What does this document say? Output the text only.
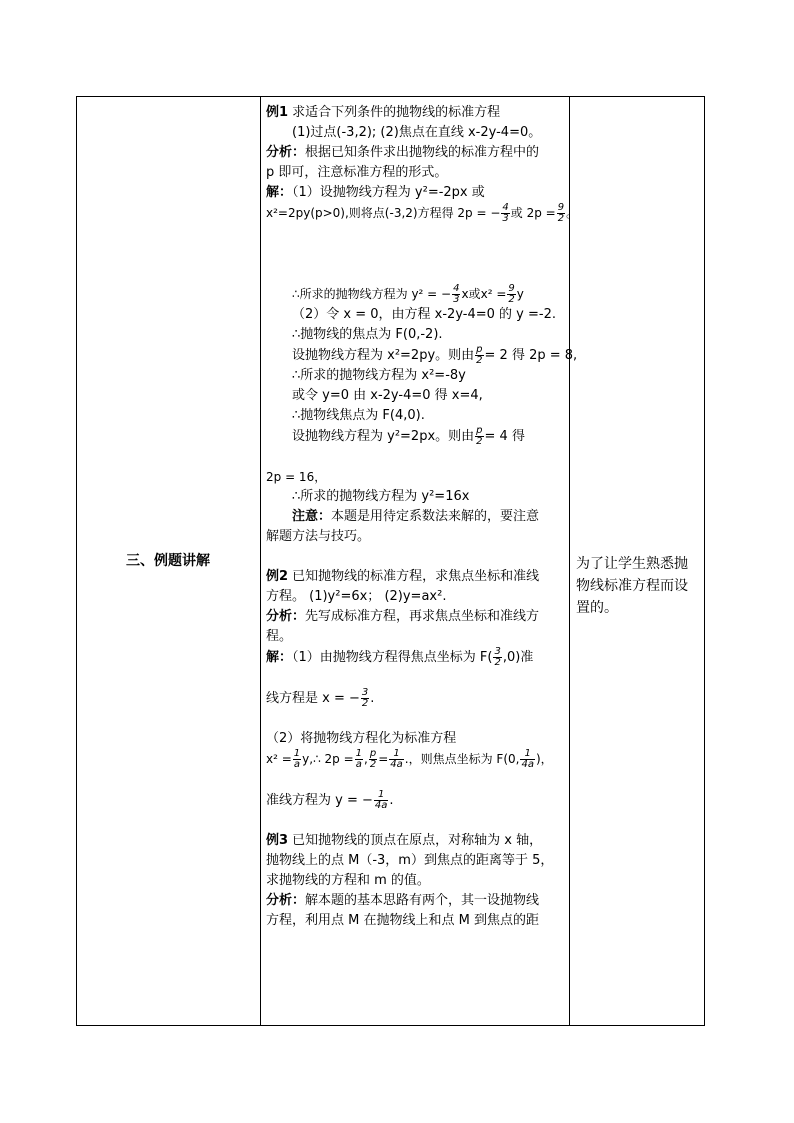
三、例题讲解	为了让学生熟悉抛物线标准方程而设置的。
例1 求适合下列条件的抛物线的标准方程
(1)过点(-3,2); (2)焦点在直线 x-2y-4=0。
分析：根据已知条件求出抛物线的标准方程中的
p 即可，注意标准方程的形式。
解：（1）设抛物线方程为 y²=-2px 或
x²=2py(p>0),则将点(-3,2)方程得 2p = − $\frac{4}{3}$ 或 $2p = \frac{9}{2}$ 。
∴所求的抛物线方程为 y² = − $\frac{4}{3}$ x或$x^2 = \frac{9}{2}$ y
（2）令 x = 0，由方程 x-2y-4=0 的 y =-2.
∴抛物线的焦点为 F(0,-2).
设抛物线方程为 x²=2py。则由 $\frac{p}{2} = 2$ 得 2p = 8,
∴所求的抛物线方程为 x²=-8y
或令 y=0 由 x-2y-4=0 得 x=4,
∴抛物线焦点为 F(4,0).
设抛物线方程为 y²=2px。则由 $\frac{p}{2} = 4$ 得
2p = 16，
∴所求的抛物线方程为 y²=16x
注意：本题是用待定系数法来解的，要注意
解题方法与技巧。
例2 已知抛物线的标准方程，求焦点坐标和准线
方程。 (1)y²=6x； (2)y=ax².
分析：先写成标准方程，再求焦点坐标和准线方
程。
解：（1）由抛物线方程得焦点坐标为 $F( \frac{3}{2} ,0)$准
线方程是 x = − $\frac{3}{2}$ .
（2）将抛物线方程化为标准方程
$x^2 = \frac{1}{a}$ y,∴ $2p = \frac{1}{a}$ , $\frac{p}{2} = \frac{1}{4a}$ .，则焦点坐标为 F(0, $\frac{1}{4a}$ )，
准线方程为 y = − $\frac{1}{4a}$ .
例3 已知抛物线的顶点在原点，对称轴为 x 轴，
抛物线上的点 M（-3，m）到焦点的距离等于 5，
求抛物线的方程和 m 的值。
分析：解本题的基本思路有两个，其一设抛物线
方程，利用点 M 在抛物线上和点 M 到焦点的距
